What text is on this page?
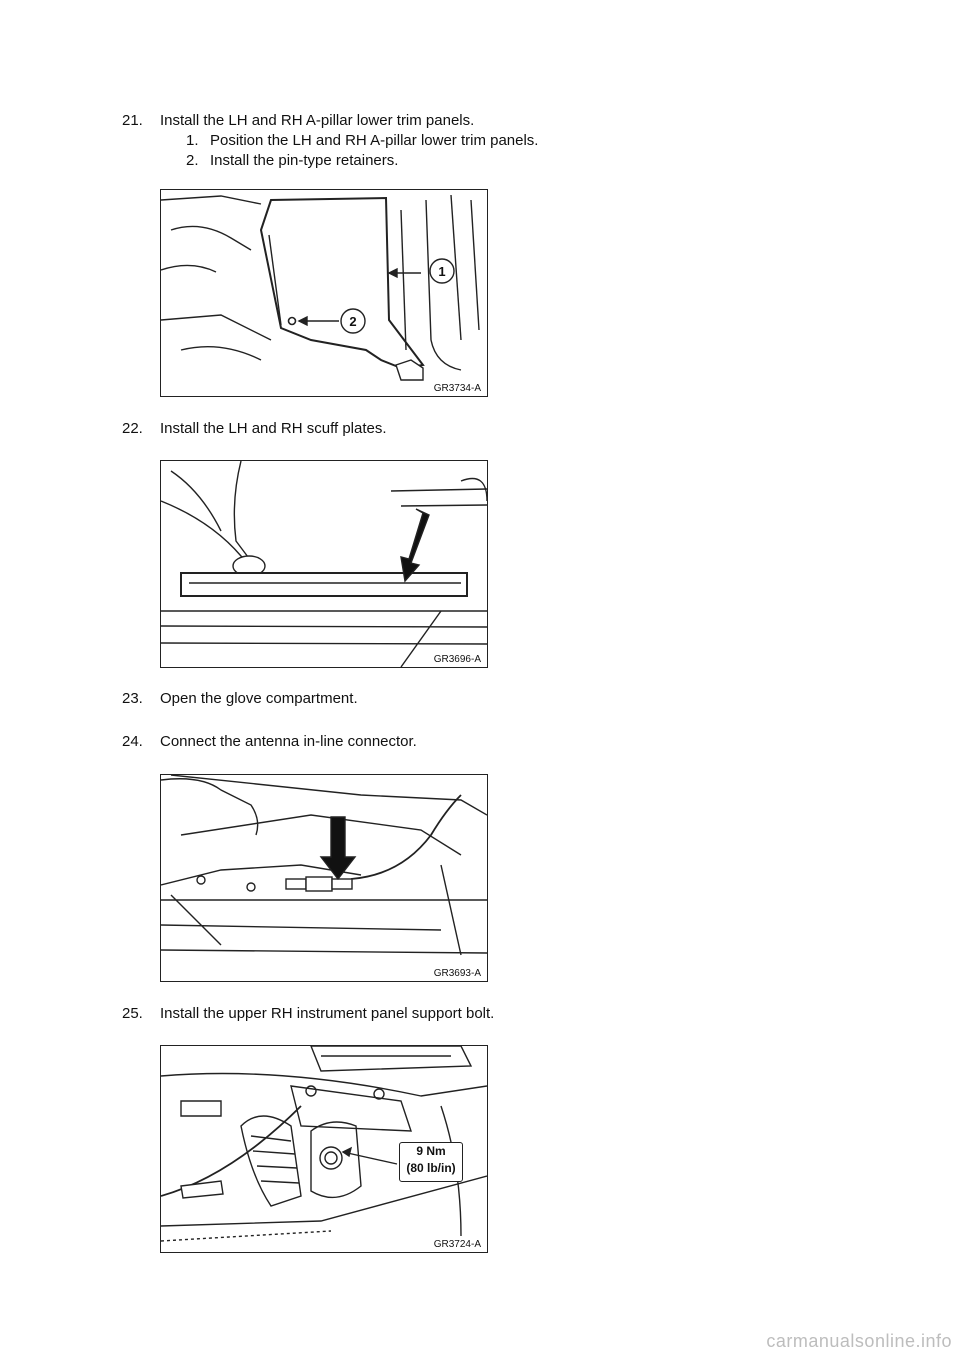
21. Install the LH and RH A-pillar lower trim panels.
1. Position the LH and RH A-pillar lower trim panels.
2. Install the pin-type retainers.
1
2
GR3734-A
22. Install the LH and RH scuff plates.
GR3696-A
23. Open the glove compartment.
24. Connect the antenna in-line connector.
GR3693-A
25. Install the upper RH instrument panel support bolt.
9 Nm
(80 lb/in)
GR3724-A
carmanualsonline.info
